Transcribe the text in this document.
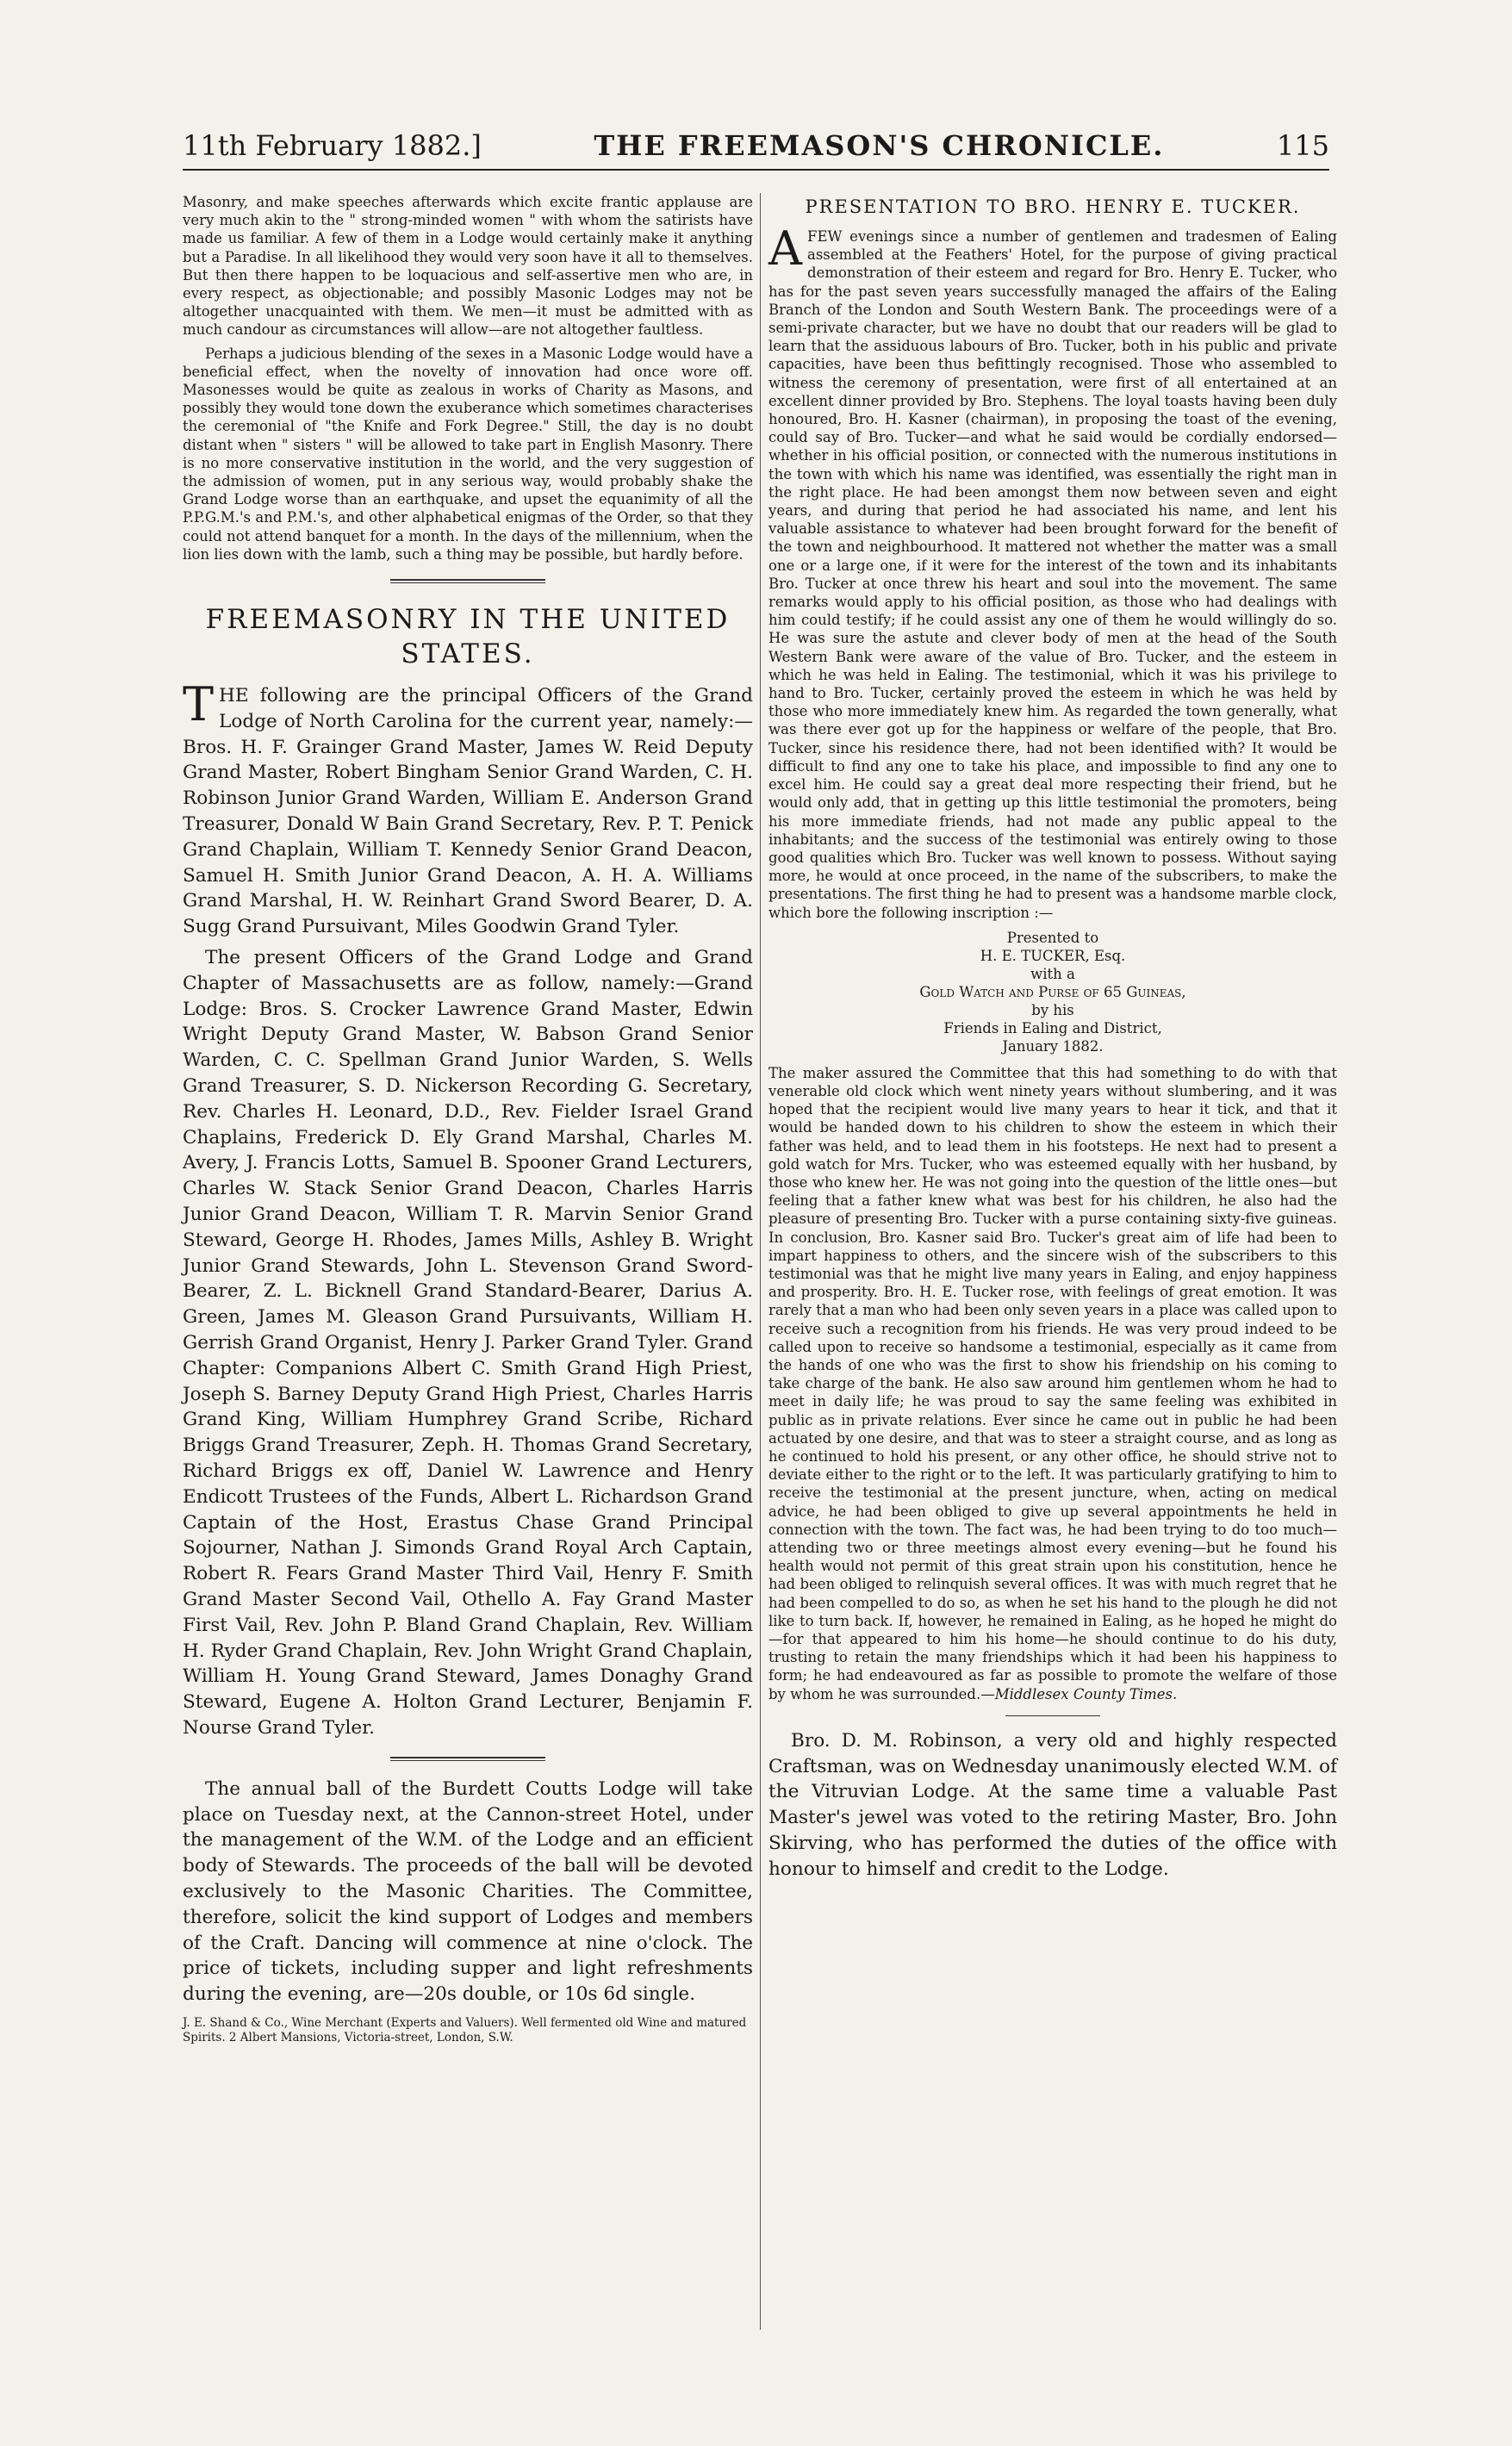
11th February 1882.]	THE FREEMASON'S CHRONICLE.	115

Masonry, and make speeches afterwards which excite frantic applause are very much akin to the " strong-minded women " with whom the satirists have made us familiar. A few of them in a Lodge would certainly make it anything but a Paradise. In all likelihood they would very soon have it all to themselves. But then there happen to be loquacious and self-assertive men who are, in every respect, as objectionable; and possibly Masonic Lodges may not be altogether unacquainted with them. We men—it must be admitted with as much candour as circumstances will allow—are not altogether faultless.

Perhaps a judicious blending of the sexes in a Masonic Lodge would have a beneficial effect, when the novelty of innovation had once wore off. Masonesses would be quite as zealous in works of Charity as Masons, and possibly they would tone down the exuberance which sometimes characterises the ceremonial of "the Knife and Fork Degree." Still, the day is no doubt distant when " sisters " will be allowed to take part in English Masonry. There is no more conservative institution in the world, and the very suggestion of the admission of women, put in any serious way, would probably shake the Grand Lodge worse than an earthquake, and upset the equanimity of all the P.P.G.M.'s and P.M.'s, and other alphabetical enigmas of the Order, so that they could not attend banquet for a month. In the days of the millennium, when the lion lies down with the lamb, such a thing may be possible, but hardly before.

FREEMASONRY IN THE UNITED STATES.

THE following are the principal Officers of the Grand Lodge of North Carolina for the current year, namely:—Bros. H. F. Grainger Grand Master, James W. Reid Deputy Grand Master, Robert Bingham Senior Grand Warden, C. H. Robinson Junior Grand Warden, William E. Anderson Grand Treasurer, Donald W Bain Grand Secretary, Rev. P. T. Penick Grand Chaplain, William T. Kennedy Senior Grand Deacon, Samuel H. Smith Junior Grand Deacon, A. H. A. Williams Grand Marshal, H. W. Reinhart Grand Sword Bearer, D. A. Sugg Grand Pursuivant, Miles Goodwin Grand Tyler.

The present Officers of the Grand Lodge and Grand Chapter of Massachusetts are as follow, namely:—Grand Lodge: Bros. S. Crocker Lawrence Grand Master, Edwin Wright Deputy Grand Master, W. Babson Grand Senior Warden, C. C. Spellman Grand Junior Warden, S. Wells Grand Treasurer, S. D. Nickerson Recording G. Secretary, Rev. Charles H. Leonard, D.D., Rev. Fielder Israel Grand Chaplains, Frederick D. Ely Grand Marshal, Charles M. Avery, J. Francis Lotts, Samuel B. Spooner Grand Lecturers, Charles W. Stack Senior Grand Deacon, Charles Harris Junior Grand Deacon, William T. R. Marvin Senior Grand Steward, George H. Rhodes, James Mills, Ashley B. Wright Junior Grand Stewards, John L. Stevenson Grand Sword-Bearer, Z. L. Bicknell Grand Standard-Bearer, Darius A. Green, James M. Gleason Grand Pursuivants, William H. Gerrish Grand Organist, Henry J. Parker Grand Tyler. Grand Chapter: Companions Albert C. Smith Grand High Priest, Joseph S. Barney Deputy Grand High Priest, Charles Harris Grand King, William Humphrey Grand Scribe, Richard Briggs Grand Treasurer, Zeph. H. Thomas Grand Secretary, Richard Briggs ex off, Daniel W. Lawrence and Henry Endicott Trustees of the Funds, Albert L. Richardson Grand Captain of the Host, Erastus Chase Grand Principal Sojourner, Nathan J. Simonds Grand Royal Arch Captain, Robert R. Fears Grand Master Third Vail, Henry F. Smith Grand Master Second Vail, Othello A. Fay Grand Master First Vail, Rev. John P. Bland Grand Chaplain, Rev. William H. Ryder Grand Chaplain, Rev. John Wright Grand Chaplain, William H. Young Grand Steward, James Donaghy Grand Steward, Eugene A. Holton Grand Lecturer, Benjamin F. Nourse Grand Tyler.

The annual ball of the Burdett Coutts Lodge will take place on Tuesday next, at the Cannon-street Hotel, under the management of the W.M. of the Lodge and an efficient body of Stewards. The proceeds of the ball will be devoted exclusively to the Masonic Charities. The Committee, therefore, solicit the kind support of Lodges and members of the Craft. Dancing will commence at nine o'clock. The price of tickets, including supper and light refreshments during the evening, are—20s double, or 10s 6d single.

J. E. Shand & Co., Wine Merchant (Experts and Valuers). Well fermented old Wine and matured Spirits. 2 Albert Mansions, Victoria-street, London, S.W.

PRESENTATION TO BRO. HENRY E. TUCKER.

AFEW evenings since a number of gentlemen and tradesmen of Ealing assembled at the Feathers' Hotel, for the purpose of giving practical demonstration of their esteem and regard for Bro. Henry E. Tucker, who has for the past seven years successfully managed the affairs of the Ealing Branch of the London and South Western Bank. The proceedings were of a semi-private character, but we have no doubt that our readers will be glad to learn that the assiduous labours of Bro. Tucker, both in his public and private capacities, have been thus befittingly recognised. Those who assembled to witness the ceremony of presentation, were first of all entertained at an excellent dinner provided by Bro. Stephens. The loyal toasts having been duly honoured, Bro. H. Kasner (chairman), in proposing the toast of the evening, could say of Bro. Tucker—and what he said would be cordially endorsed—whether in his official position, or connected with the numerous institutions in the town with which his name was identified, was essentially the right man in the right place. He had been amongst them now between seven and eight years, and during that period he had associated his name, and lent his valuable assistance to whatever had been brought forward for the benefit of the town and neighbourhood. It mattered not whether the matter was a small one or a large one, if it were for the interest of the town and its inhabitants Bro. Tucker at once threw his heart and soul into the movement. The same remarks would apply to his official position, as those who had dealings with him could testify; if he could assist any one of them he would willingly do so. He was sure the astute and clever body of men at the head of the South Western Bank were aware of the value of Bro. Tucker, and the esteem in which he was held in Ealing. The testimonial, which it was his privilege to hand to Bro. Tucker, certainly proved the esteem in which he was held by those who more immediately knew him. As regarded the town generally, what was there ever got up for the happiness or welfare of the people, that Bro. Tucker, since his residence there, had not been identified with? It would be difficult to find any one to take his place, and impossible to find any one to excel him. He could say a great deal more respecting their friend, but he would only add, that in getting up this little testimonial the promoters, being his more immediate friends, had not made any public appeal to the inhabitants; and the success of the testimonial was entirely owing to those good qualities which Bro. Tucker was well known to possess. Without saying more, he would at once proceed, in the name of the subscribers, to make the presentations. The first thing he had to present was a handsome marble clock, which bore the following inscription :—

Presented to
H. E. TUCKER, Esq.
with a
Gold Watch and Purse of 65 Guineas,
by his
Friends in Ealing and District,
January 1882.

The maker assured the Committee that this had something to do with that venerable old clock which went ninety years without slumbering, and it was hoped that the recipient would live many years to hear it tick, and that it would be handed down to his children to show the esteem in which their father was held, and to lead them in his footsteps. He next had to present a gold watch for Mrs. Tucker, who was esteemed equally with her husband, by those who knew her. He was not going into the question of the little ones—but feeling that a father knew what was best for his children, he also had the pleasure of presenting Bro. Tucker with a purse containing sixty-five guineas. In conclusion, Bro. Kasner said Bro. Tucker's great aim of life had been to impart happiness to others, and the sincere wish of the subscribers to this testimonial was that he might live many years in Ealing, and enjoy happiness and prosperity. Bro. H. E. Tucker rose, with feelings of great emotion. It was rarely that a man who had been only seven years in a place was called upon to receive such a recognition from his friends. He was very proud indeed to be called upon to receive so handsome a testimonial, especially as it came from the hands of one who was the first to show his friendship on his coming to take charge of the bank. He also saw around him gentlemen whom he had to meet in daily life; he was proud to say the same feeling was exhibited in public as in private relations. Ever since he came out in public he had been actuated by one desire, and that was to steer a straight course, and as long as he continued to hold his present, or any other office, he should strive not to deviate either to the right or to the left. It was particularly gratifying to him to receive the testimonial at the present juncture, when, acting on medical advice, he had been obliged to give up several appointments he held in connection with the town. The fact was, he had been trying to do too much—attending two or three meetings almost every evening—but he found his health would not permit of this great strain upon his constitution, hence he had been obliged to relinquish several offices. It was with much regret that he had been compelled to do so, as when he set his hand to the plough he did not like to turn back. If, however, he remained in Ealing, as he hoped he might do—for that appeared to him his home—he should continue to do his duty, trusting to retain the many friendships which it had been his happiness to form; he had endeavoured as far as possible to promote the welfare of those by whom he was surrounded.—Middlesex County Times.

Bro. D. M. Robinson, a very old and highly respected Craftsman, was on Wednesday unanimously elected W.M. of the Vitruvian Lodge. At the same time a valuable Past Master's jewel was voted to the retiring Master, Bro. John Skirving, who has performed the duties of the office with honour to himself and credit to the Lodge.
